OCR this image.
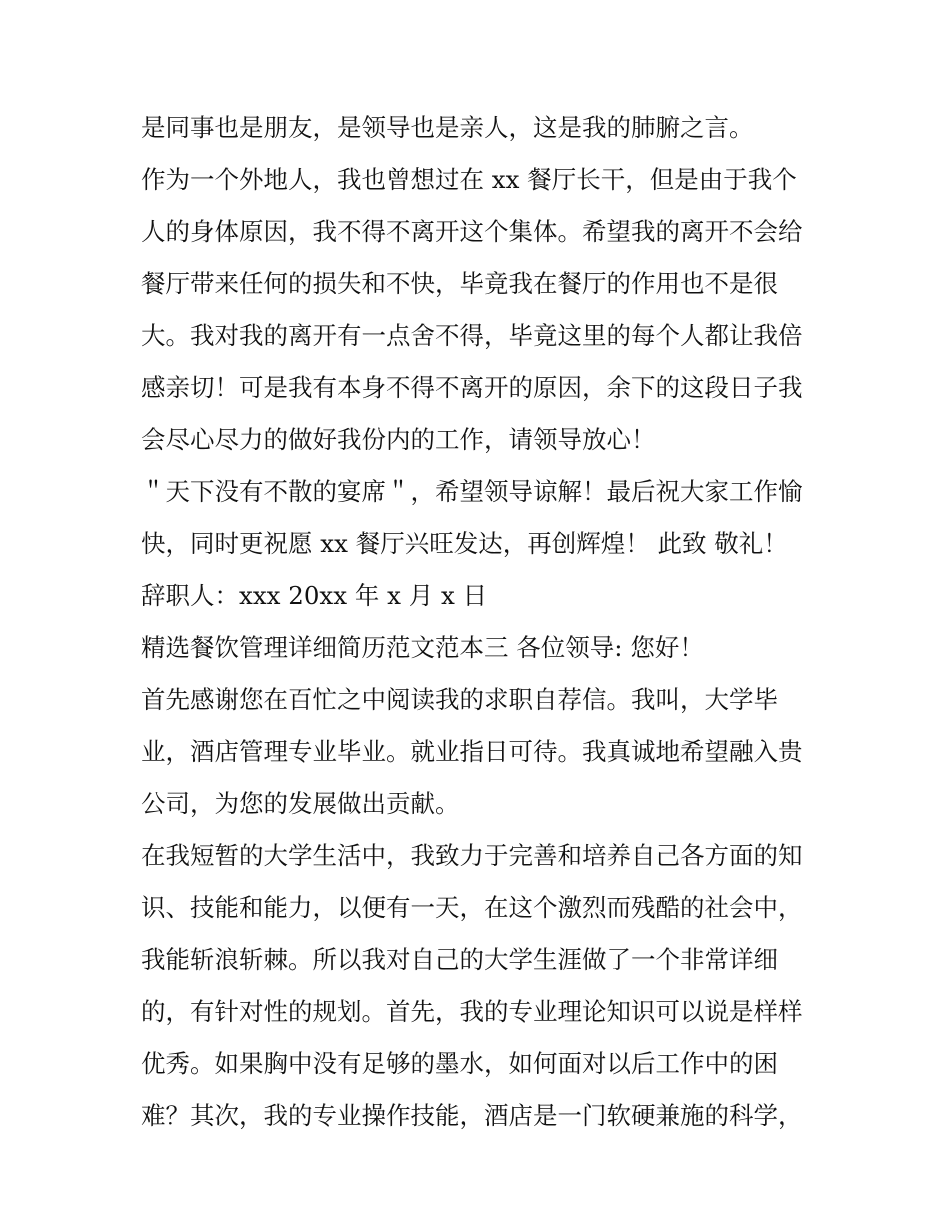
是同事也是朋友，是领导也是亲人，这是我的肺腑之言。
作为一个外地人，我也曾想过在 xx 餐厅长干，但是由于我个
人的身体原因，我不得不离开这个集体。希望我的离开不会给
餐厅带来任何的损失和不快，毕竟我在餐厅的作用也不是很
大。我对我的离开有一点舍不得，毕竟这里的每个人都让我倍
感亲切！可是我有本身不得不离开的原因，余下的这段日子我
会尽心尽力的做好我份内的工作，请领导放心！
＂天下没有不散的宴席＂，希望领导谅解！最后祝大家工作愉
快，同时更祝愿 xx 餐厅兴旺发达，再创辉煌！ 此致 敬礼！
辞职人：xxx 20xx 年 x 月 x 日
精选餐饮管理详细简历范文范本三 各位领导: 您好！
首先感谢您在百忙之中阅读我的求职自荐信。我叫，大学毕
业，酒店管理专业毕业。就业指日可待。我真诚地希望融入贵
公司，为您的发展做出贡献。
在我短暂的大学生活中，我致力于完善和培养自己各方面的知
识、技能和能力，以便有一天，在这个激烈而残酷的社会中，
我能斩浪斩棘。所以我对自己的大学生涯做了一个非常详细
的，有针对性的规划。首先，我的专业理论知识可以说是样样
优秀。如果胸中没有足够的墨水，如何面对以后工作中的困
难？其次，我的专业操作技能，酒店是一门软硬兼施的科学，
